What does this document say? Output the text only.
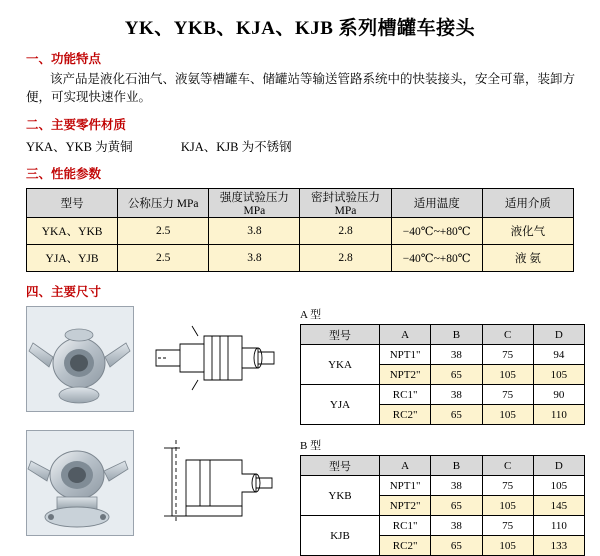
YK、YKB、KJA、KJB 系列槽罐车接头
一、功能特点
该产品是液化石油气、液氨等槽罐车、储罐站等输送管路系统中的快装接头，安全可靠，装卸方便，可实现快速作业。
二、主要零件材质
YKA、YKB 为黄铜	KJA、KJB 为不锈钢
三、性能参数
型号	公称压力 MPa	强度试验压力 MPa	密封试验压力 MPa	适用温度	适用介质
YKA、YKB	2.5	3.8	2.8	−40℃~+80℃	液化气
YJA、YJB	2.5	3.8	2.8	−40℃~+80℃	液 氨
四、主要尺寸

A 型
型号	A	B	C	D
YKA	NPT1"	38	75	94
	NPT2"	65	105	105
YJA	RC1"	38	75	90
	RC2"	65	105	110
B 型
型号	A	B	C	D
YKB	NPT1"	38	75	105
	NPT2"	65	105	145
KJB	RC1"	38	75	110
	RC2"	65	105	133
